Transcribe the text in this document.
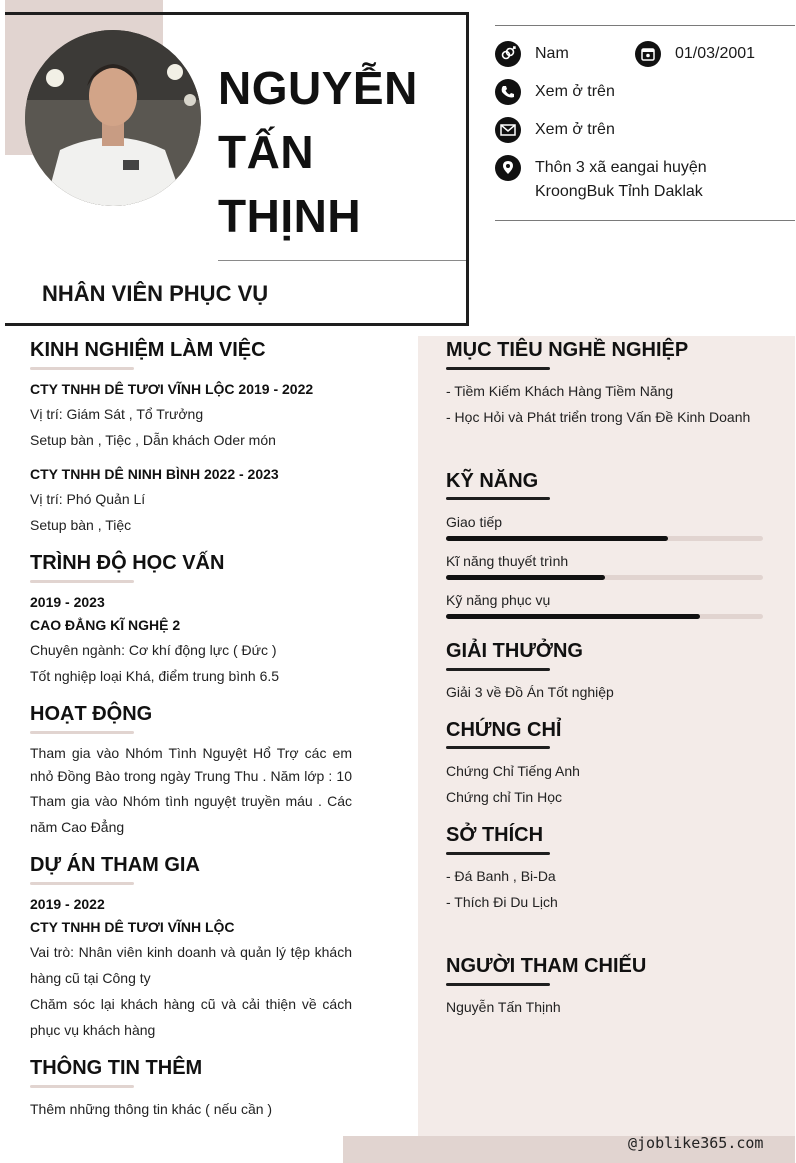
NGUYỄN
TẤN
THỊNH
NHÂN VIÊN PHỤC VỤ
Nam	01/03/2001
Xem ở trên
Xem ở trên
Thôn 3 xã eangai huyện
KroongBuk Tỉnh Daklak
KINH NGHIỆM LÀM VIỆC
CTY TNHH DÊ TƯƠI VĨNH LỘC 2019 - 2022
Vị trí: Giám Sát , Tổ Trưởng
Setup bàn , Tiệc , Dẫn khách Oder món
CTY TNHH DÊ NINH BÌNH 2022 - 2023
Vị trí: Phó Quản Lí
Setup bàn , Tiệc
TRÌNH ĐỘ HỌC VẤN
2019 - 2023
CAO ĐẲNG KĨ NGHỆ 2
Chuyên ngành: Cơ khí động lực ( Đức )
Tốt nghiệp loại Khá, điểm trung bình 6.5
HOẠT ĐỘNG
Tham gia vào Nhóm Tình Nguyệt Hổ Trợ các em
nhỏ Đồng Bào trong ngày Trung Thu . Năm lớp : 10
Tham gia vào Nhóm tình nguyệt truyền máu . Các
năm Cao Đẳng
DỰ ÁN THAM GIA
2019 - 2022
CTY TNHH DÊ TƯƠI VĨNH LỘC
Vai trò: Nhân viên kinh doanh và quản lý tệp khách
hàng cũ tại Công ty
Chăm sóc lại khách hàng cũ và cải thiện về cách
phục vụ khách hàng
THÔNG TIN THÊM
Thêm những thông tin khác ( nếu cần )
MỤC TIÊU NGHỀ NGHIỆP
- Tiềm Kiếm Khách Hàng Tiềm Năng
- Học Hỏi và Phát triển trong Vấn Đề Kinh Doanh
KỸ NĂNG
Giao tiếp
Kĩ năng thuyết trình
Kỹ năng phục vụ
GIẢI THƯỞNG
Giải 3 về Đồ Án Tốt nghiệp
CHỨNG CHỈ
Chứng Chỉ Tiếng Anh
Chứng chỉ Tin Học
SỞ THÍCH
- Đá Banh , Bi-Da
- Thích Đi Du Lịch
NGƯỜI THAM CHIẾU
Nguyễn Tấn Thịnh
@joblike365.com
